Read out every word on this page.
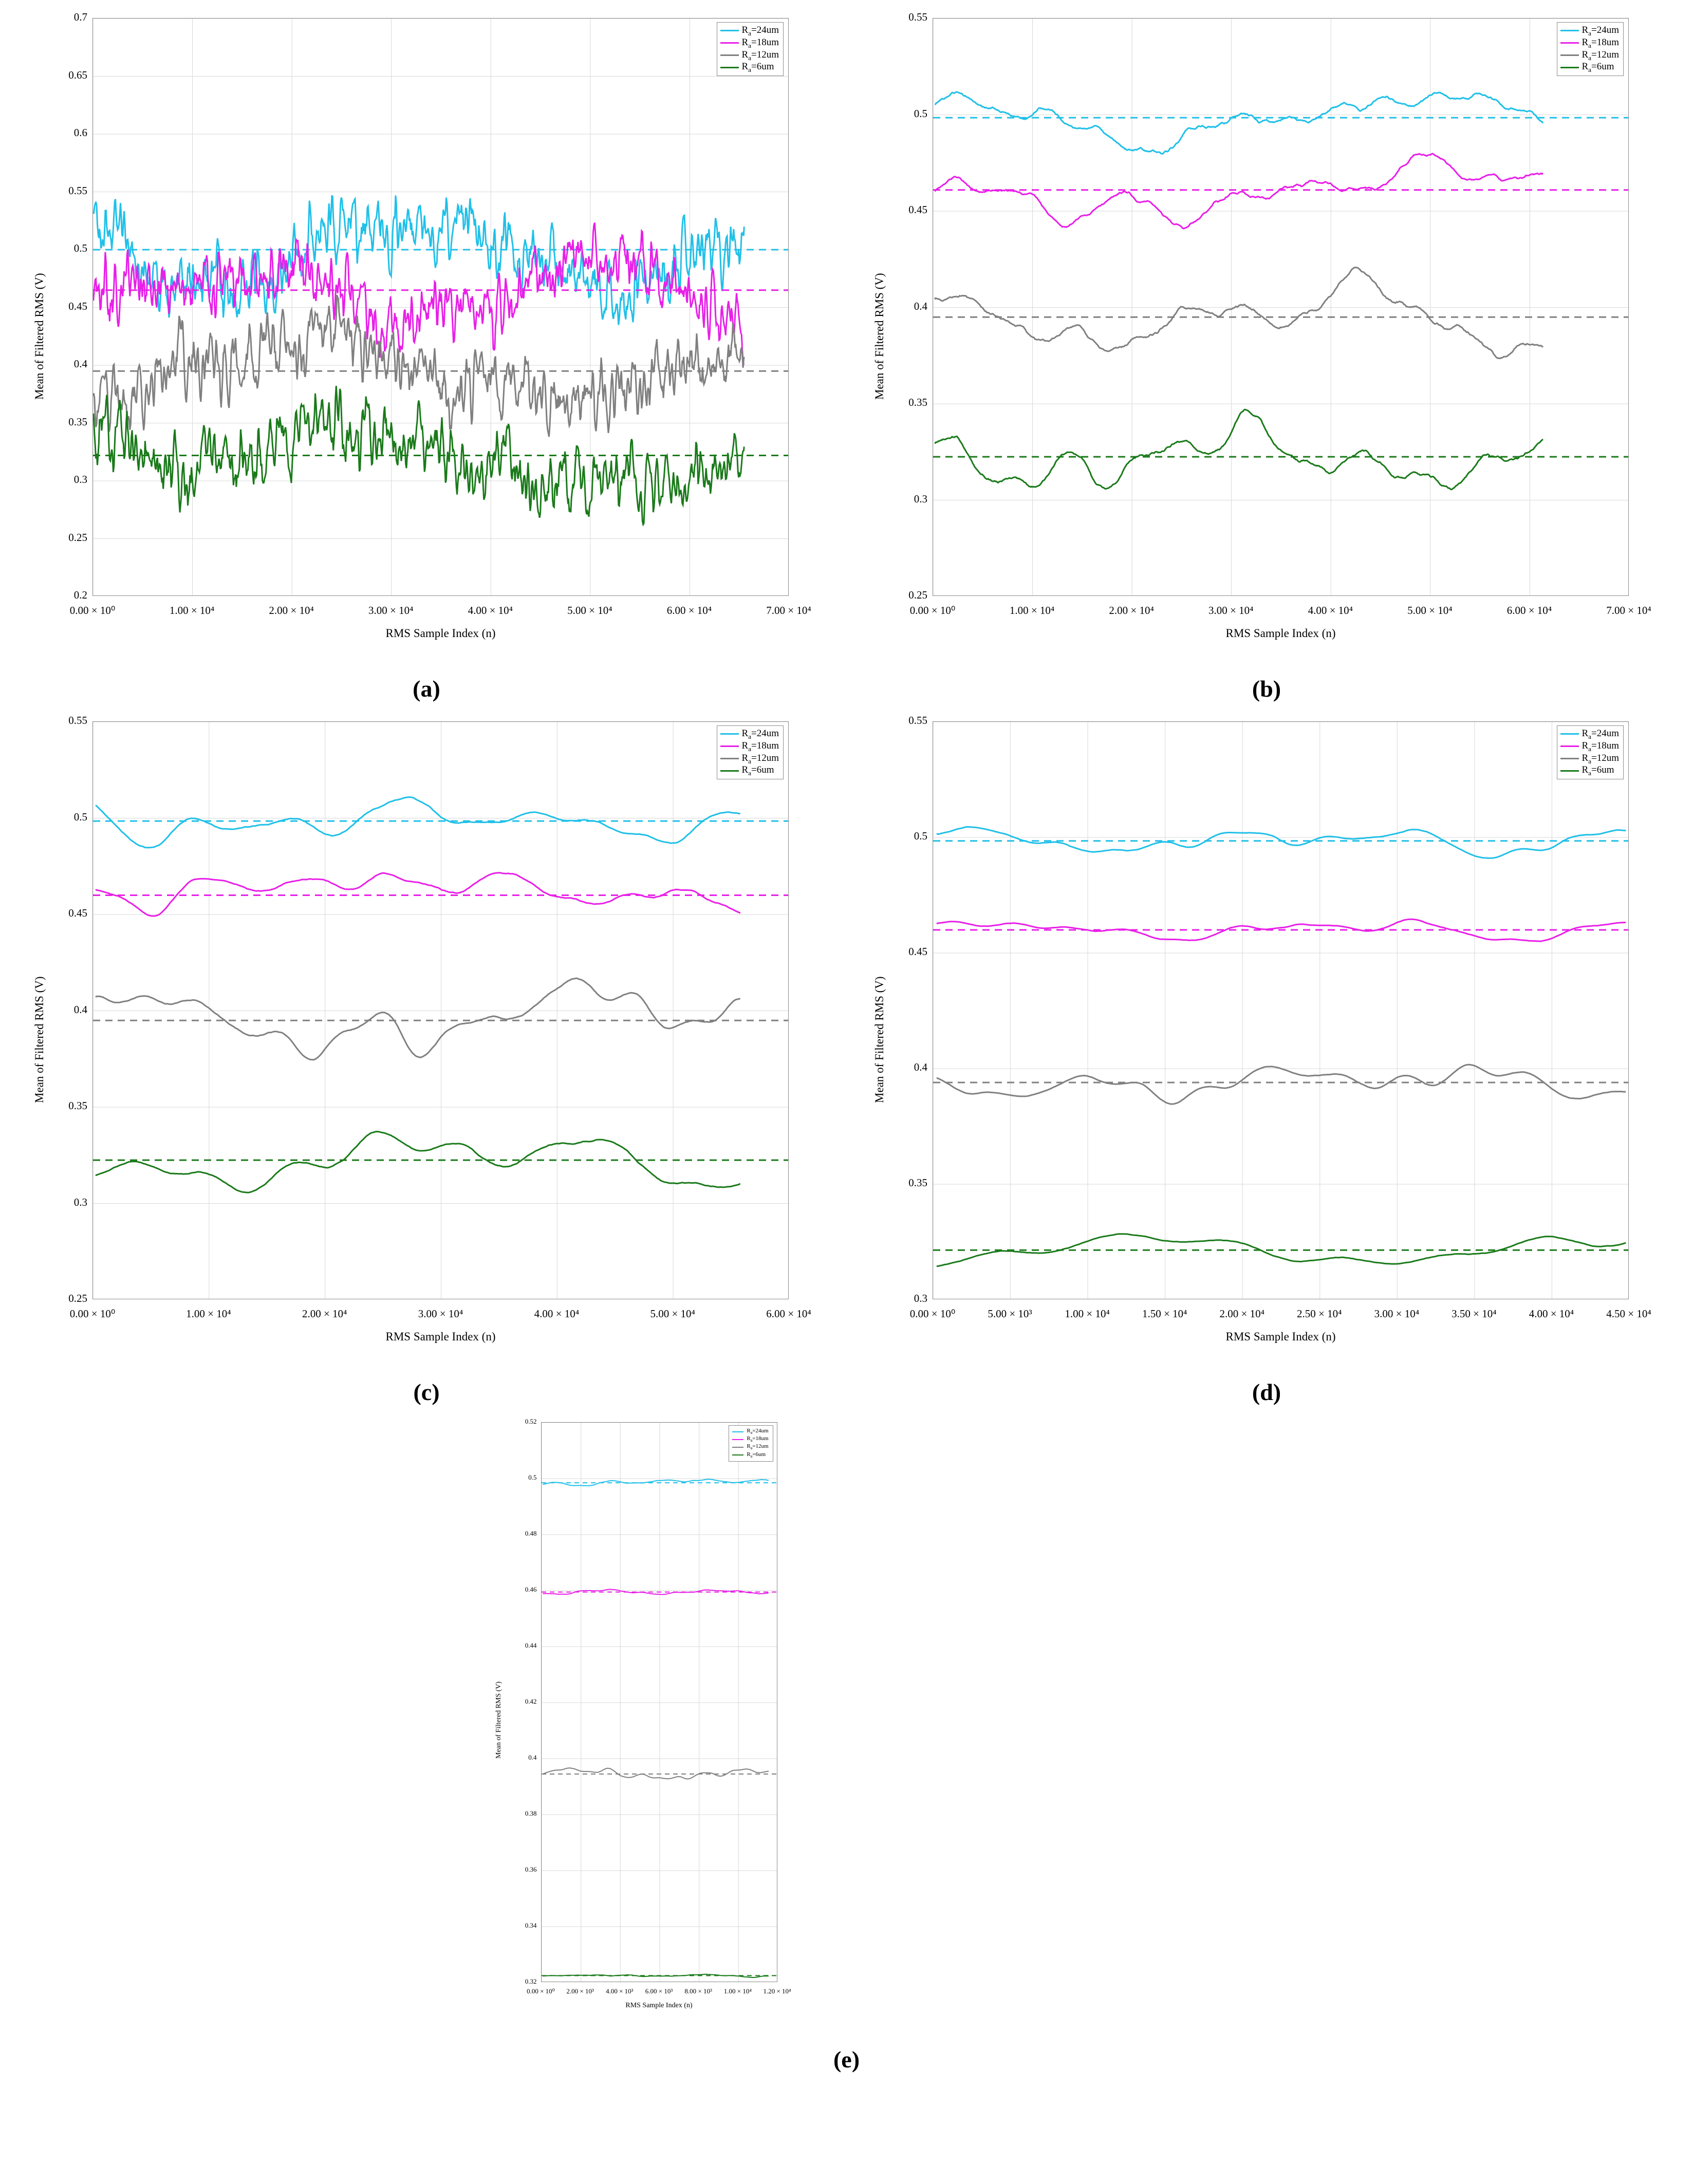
0.2
0.25
0.3
0.35
0.4
0.45
0.5
0.55
0.6
0.65
0.7
0.00 × 10⁰	1.00 × 10⁴	2.00 × 10⁴	3.00 × 10⁴	4.00 × 10⁴	5.00 × 10⁴	6.00 × 10⁴	7.00 × 10⁴
Mean of Filtered RMS (V)
RMS Sample Index (n)
$R_a=24um$
$R_a=18um$
$R_a=12um$
$R_a=6um$
(a)
0.25
0.3
0.35
0.4
0.45
0.5
0.55
0.00 × 10⁰	1.00 × 10⁴	2.00 × 10⁴	3.00 × 10⁴	4.00 × 10⁴	5.00 × 10⁴	6.00 × 10⁴	7.00 × 10⁴
Mean of Filtered RMS (V)
RMS Sample Index (n)
$R_a=24um$
$R_a=18um$
$R_a=12um$
$R_a=6um$
(b)
0.25
0.3
0.35
0.4
0.45
0.5
0.55
0.00 × 10⁰	1.00 × 10⁴	2.00 × 10⁴	3.00 × 10⁴	4.00 × 10⁴	5.00 × 10⁴	6.00 × 10⁴
Mean of Filtered RMS (V)
RMS Sample Index (n)
$R_a=24um$
$R_a=18um$
$R_a=12um$
$R_a=6um$
(c)
0.3
0.35
0.4
0.45
0.5
0.55
0.00 × 10⁰	5.00 × 10³	1.00 × 10⁴	1.50 × 10⁴	2.00 × 10⁴	2.50 × 10⁴	3.00 × 10⁴	3.50 × 10⁴	4.00 × 10⁴	4.50 × 10⁴
Mean of Filtered RMS (V)
RMS Sample Index (n)
$R_a=24um$
$R_a=18um$
$R_a=12um$
$R_a=6um$
(d)
0.32
0.34
0.36
0.38
0.4
0.42
0.44
0.46
0.48
0.5
0.52
0.00 × 10⁰	2.00 × 10³	4.00 × 10³	6.00 × 10³	8.00 × 10³	1.00 × 10⁴	1.20 × 10⁴
Mean of Filtered RMS (V)
RMS Sample Index (n)
$R_a=24um$
$R_a=18um$
$R_a=12um$
$R_a=6um$
(e)
